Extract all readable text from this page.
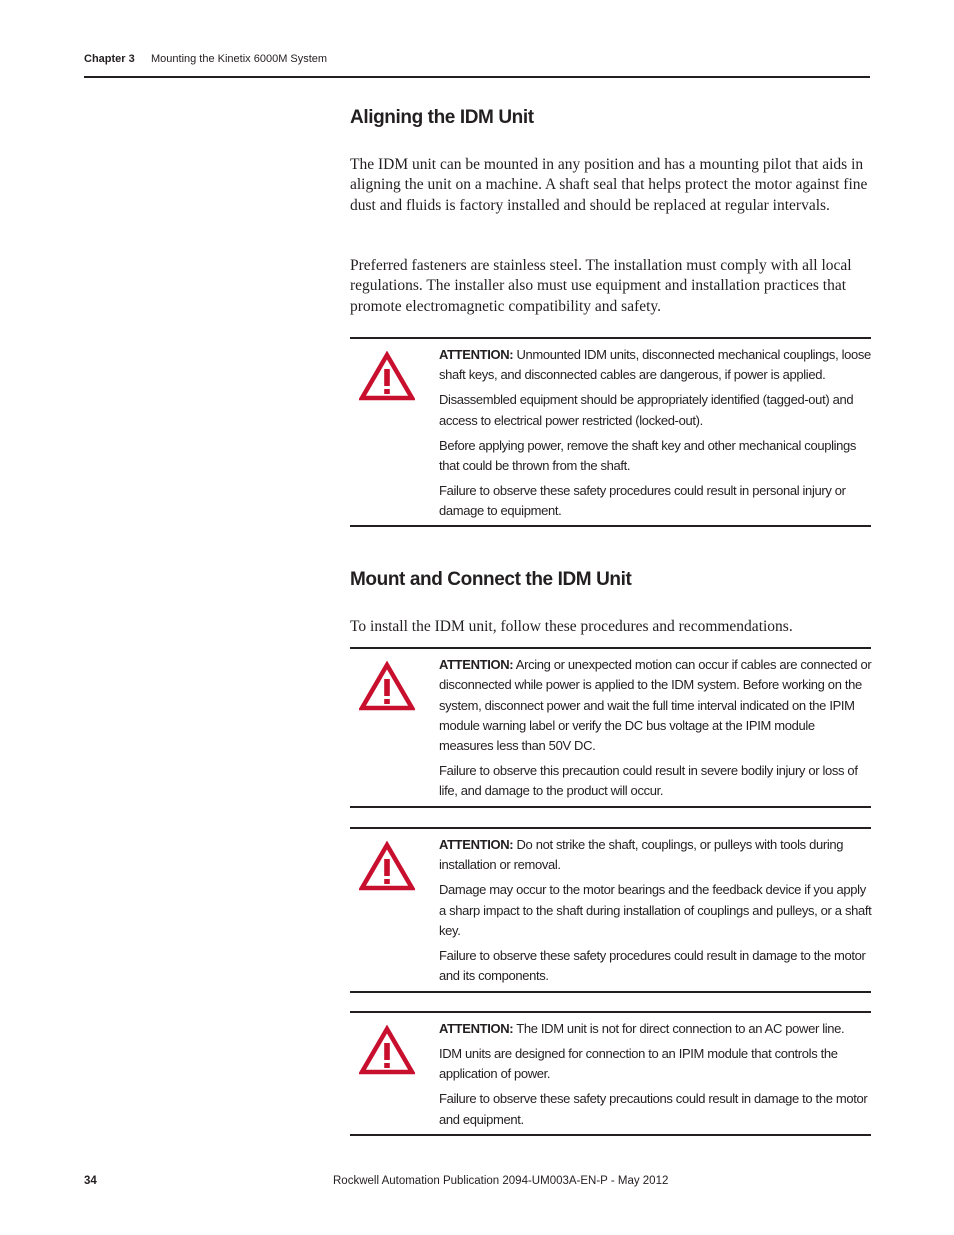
Chapter 3 Mounting the Kinetix 6000M System
Aligning the IDM Unit

The IDM unit can be mounted in any position and has a mounting pilot that aids in aligning the unit on a machine. A shaft seal that helps protect the motor against fine dust and fluids is factory installed and should be replaced at regular intervals.

Preferred fasteners are stainless steel. The installation must comply with all local regulations. The installer also must use equipment and installation practices that promote electromagnetic compatibility and safety.

ATTENTION: Unmounted IDM units, disconnected mechanical couplings, loose shaft keys, and disconnected cables are dangerous, if power is applied.

Disassembled equipment should be appropriately identified (tagged-out) and access to electrical power restricted (locked-out).

Before applying power, remove the shaft key and other mechanical couplings that could be thrown from the shaft.

Failure to observe these safety procedures could result in personal injury or damage to equipment.

Mount and Connect the IDM Unit

To install the IDM unit, follow these procedures and recommendations.

ATTENTION: Arcing or unexpected motion can occur if cables are connected or disconnected while power is applied to the IDM system. Before working on the system, disconnect power and wait the full time interval indicated on the IPIM module warning label or verify the DC bus voltage at the IPIM module measures less than 50V DC.

Failure to observe this precaution could result in severe bodily injury or loss of life, and damage to the product will occur.

ATTENTION: Do not strike the shaft, couplings, or pulleys with tools during installation or removal.

Damage may occur to the motor bearings and the feedback device if you apply a sharp impact to the shaft during installation of couplings and pulleys, or a shaft key.

Failure to observe these safety procedures could result in damage to the motor and its components.

ATTENTION: The IDM unit is not for direct connection to an AC power line.

IDM units are designed for connection to an IPIM module that controls the application of power.

Failure to observe these safety precautions could result in damage to the motor and equipment.

34	Rockwell Automation Publication 2094-UM003A-EN-P - May 2012
